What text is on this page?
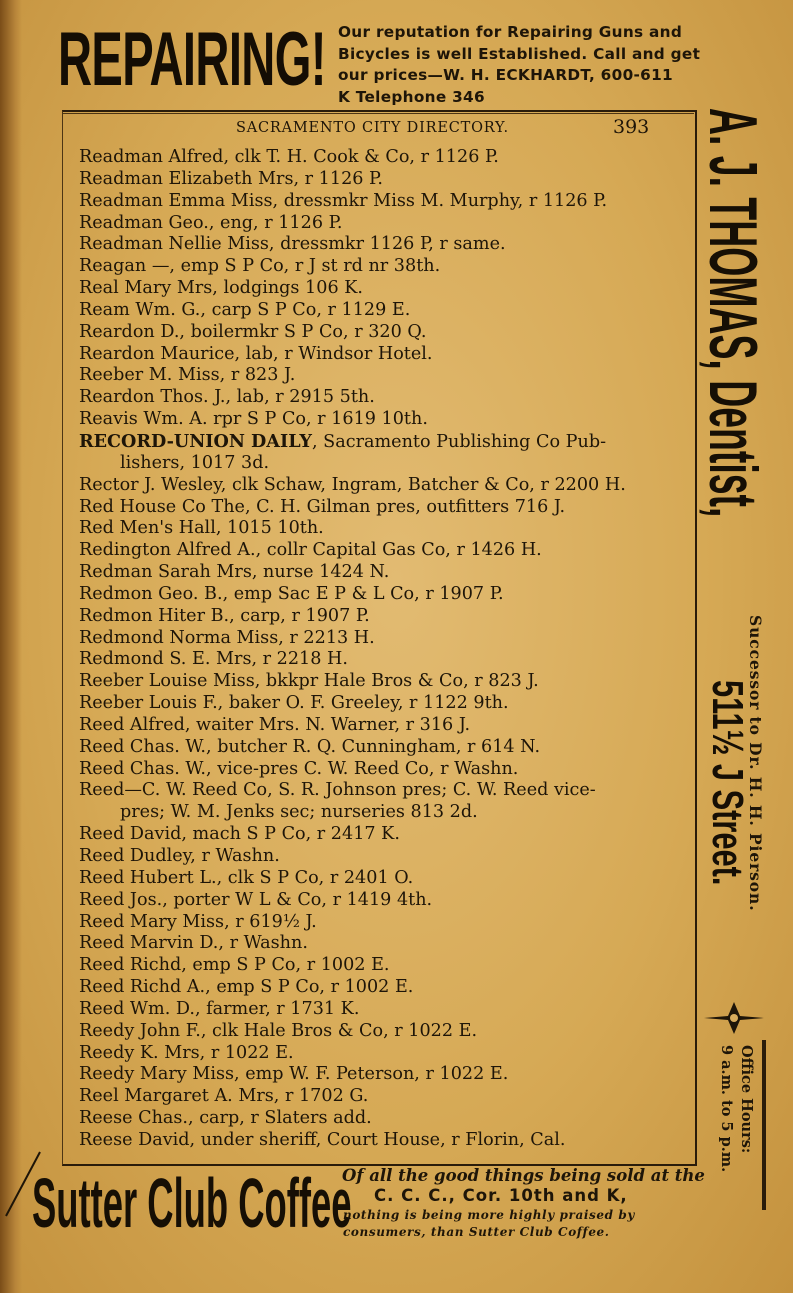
REPAIRING! Our reputation for Repairing Guns and
Bicycles is well Established. Call and get
our prices—W. H. ECKHARDT, 600-611
K Telephone 346
SACRAMENTO CITY DIRECTORY.	393
Readman Alfred, clk T. H. Cook & Co, r 1126 P.
Readman Elizabeth Mrs, r 1126 P.
Readman Emma Miss, dressmkr Miss M. Murphy, r 1126 P.
Readman Geo., eng, r 1126 P.
Readman Nellie Miss, dressmkr 1126 P, r same.
Reagan —, emp S P Co, r J st rd nr 38th.
Real Mary Mrs, lodgings 106 K.
Ream Wm. G., carp S P Co, r 1129 E.
Reardon D., boilermkr S P Co, r 320 Q.
Reardon Maurice, lab, r Windsor Hotel.
Reeber M. Miss, r 823 J.
Reardon Thos. J., lab, r 2915 5th.
Reavis Wm. A. rpr S P Co, r 1619 10th.
RECORD-UNION DAILY, Sacramento Publishing Co Pub-
lishers, 1017 3d.
Rector J. Wesley, clk Schaw, Ingram, Batcher & Co, r 2200 H.
Red House Co The, C. H. Gilman pres, outfitters 716 J.
Red Men's Hall, 1015 10th.
Redington Alfred A., collr Capital Gas Co, r 1426 H.
Redman Sarah Mrs, nurse 1424 N.
Redmon Geo. B., emp Sac E P & L Co, r 1907 P.
Redmon Hiter B., carp, r 1907 P.
Redmond Norma Miss, r 2213 H.
Redmond S. E. Mrs, r 2218 H.
Reeber Louise Miss, bkkpr Hale Bros & Co, r 823 J.
Reeber Louis F., baker O. F. Greeley, r 1122 9th.
Reed Alfred, waiter Mrs. N. Warner, r 316 J.
Reed Chas. W., butcher R. Q. Cunningham, r 614 N.
Reed Chas. W., vice-pres C. W. Reed Co, r Washn.
Reed—C. W. Reed Co, S. R. Johnson pres; C. W. Reed vice-
pres; W. M. Jenks sec; nurseries 813 2d.
Reed David, mach S P Co, r 2417 K.
Reed Dudley, r Washn.
Reed Hubert L., clk S P Co, r 2401 O.
Reed Jos., porter W L & Co, r 1419 4th.
Reed Mary Miss, r 619½ J.
Reed Marvin D., r Washn.
Reed Richd, emp S P Co, r 1002 E.
Reed Richd A., emp S P Co, r 1002 E.
Reed Wm. D., farmer, r 1731 K.
Reedy John F., clk Hale Bros & Co, r 1022 E.
Reedy K. Mrs, r 1022 E.
Reedy Mary Miss, emp W. F. Peterson, r 1022 E.
Reel Margaret A. Mrs, r 1702 G.
Reese Chas., carp, r Slaters add.
Reese David, under sheriff, Court House, r Florin, Cal.
A. J. THOMAS, Dentist,
Successor to Dr. H. H. Pierson.
511½ J Street.
Office Hours:
9 a.m. to 5 p.m.
Sutter Club Coffee
Of all the good things being sold at the
C. C. C., Cor. 10th and K,
nothing is being more highly praised by
consumers, than Sutter Club Coffee.
